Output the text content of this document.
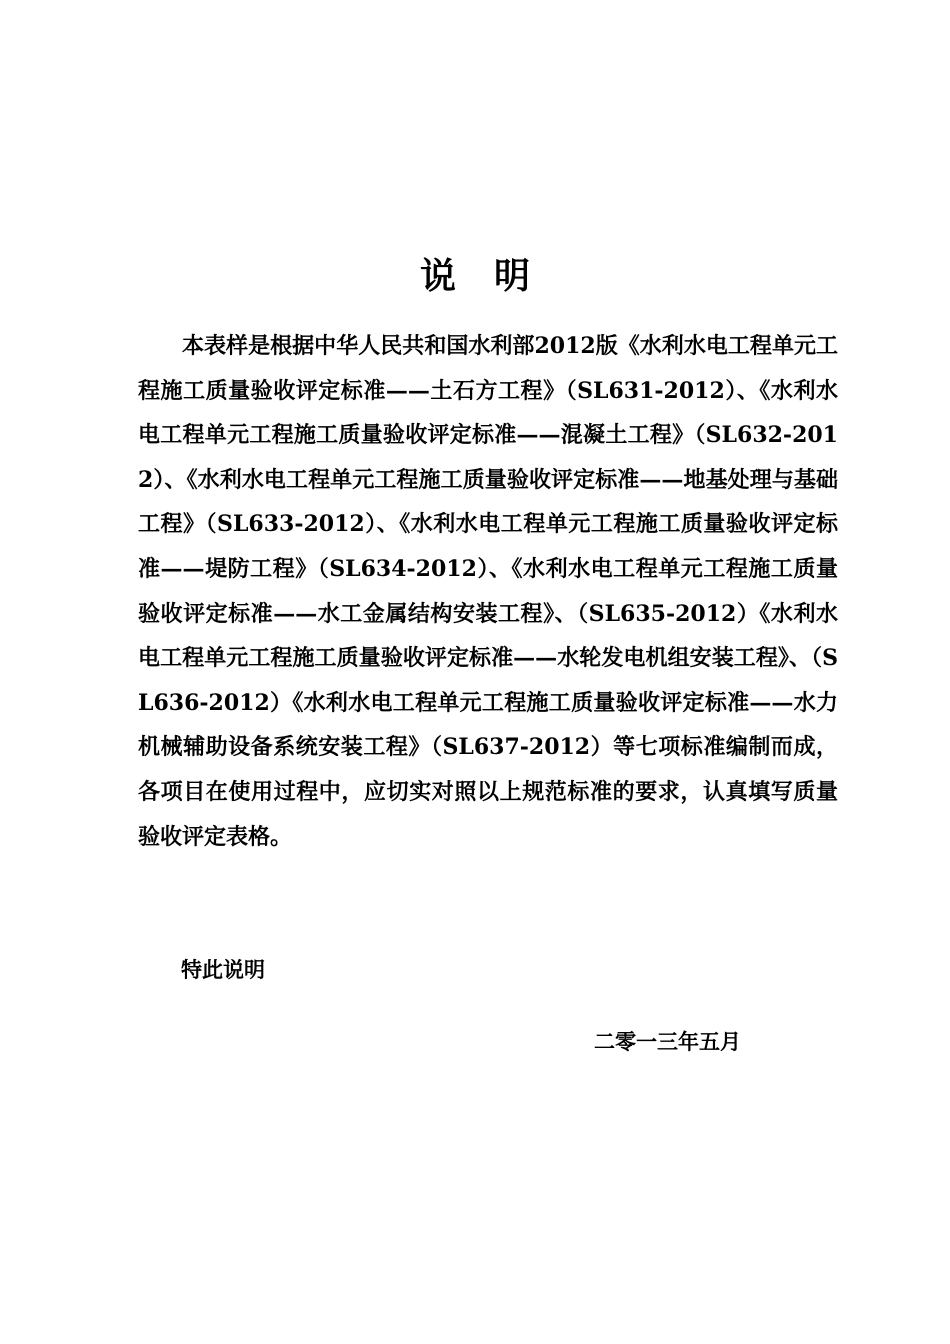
说明

本表样是根据中华人民共和国水利部2012版《水利水电工程单元工程施工质量验收评定标准——土石方工程》（SL631-2012）、《水利水电工程单元工程施工质量验收评定标准——混凝土工程》（SL632-2012）、《水利水电工程单元工程施工质量验收评定标准——地基处理与基础工程》（SL633-2012）、《水利水电工程单元工程施工质量验收评定标准——堤防工程》（SL634-2012）、《水利水电工程单元工程施工质量验收评定标准——水工金属结构安装工程》、（SL635-2012）《水利水电工程单元工程施工质量验收评定标准——水轮发电机组安装工程》、（SL636-2012）《水利水电工程单元工程施工质量验收评定标准——水力机械辅助设备系统安装工程》（SL637-2012）等七项标准编制而成，各项目在使用过程中，应切实对照以上规范标准的要求，认真填写质量验收评定表格。

特此说明

二零一三年五月
